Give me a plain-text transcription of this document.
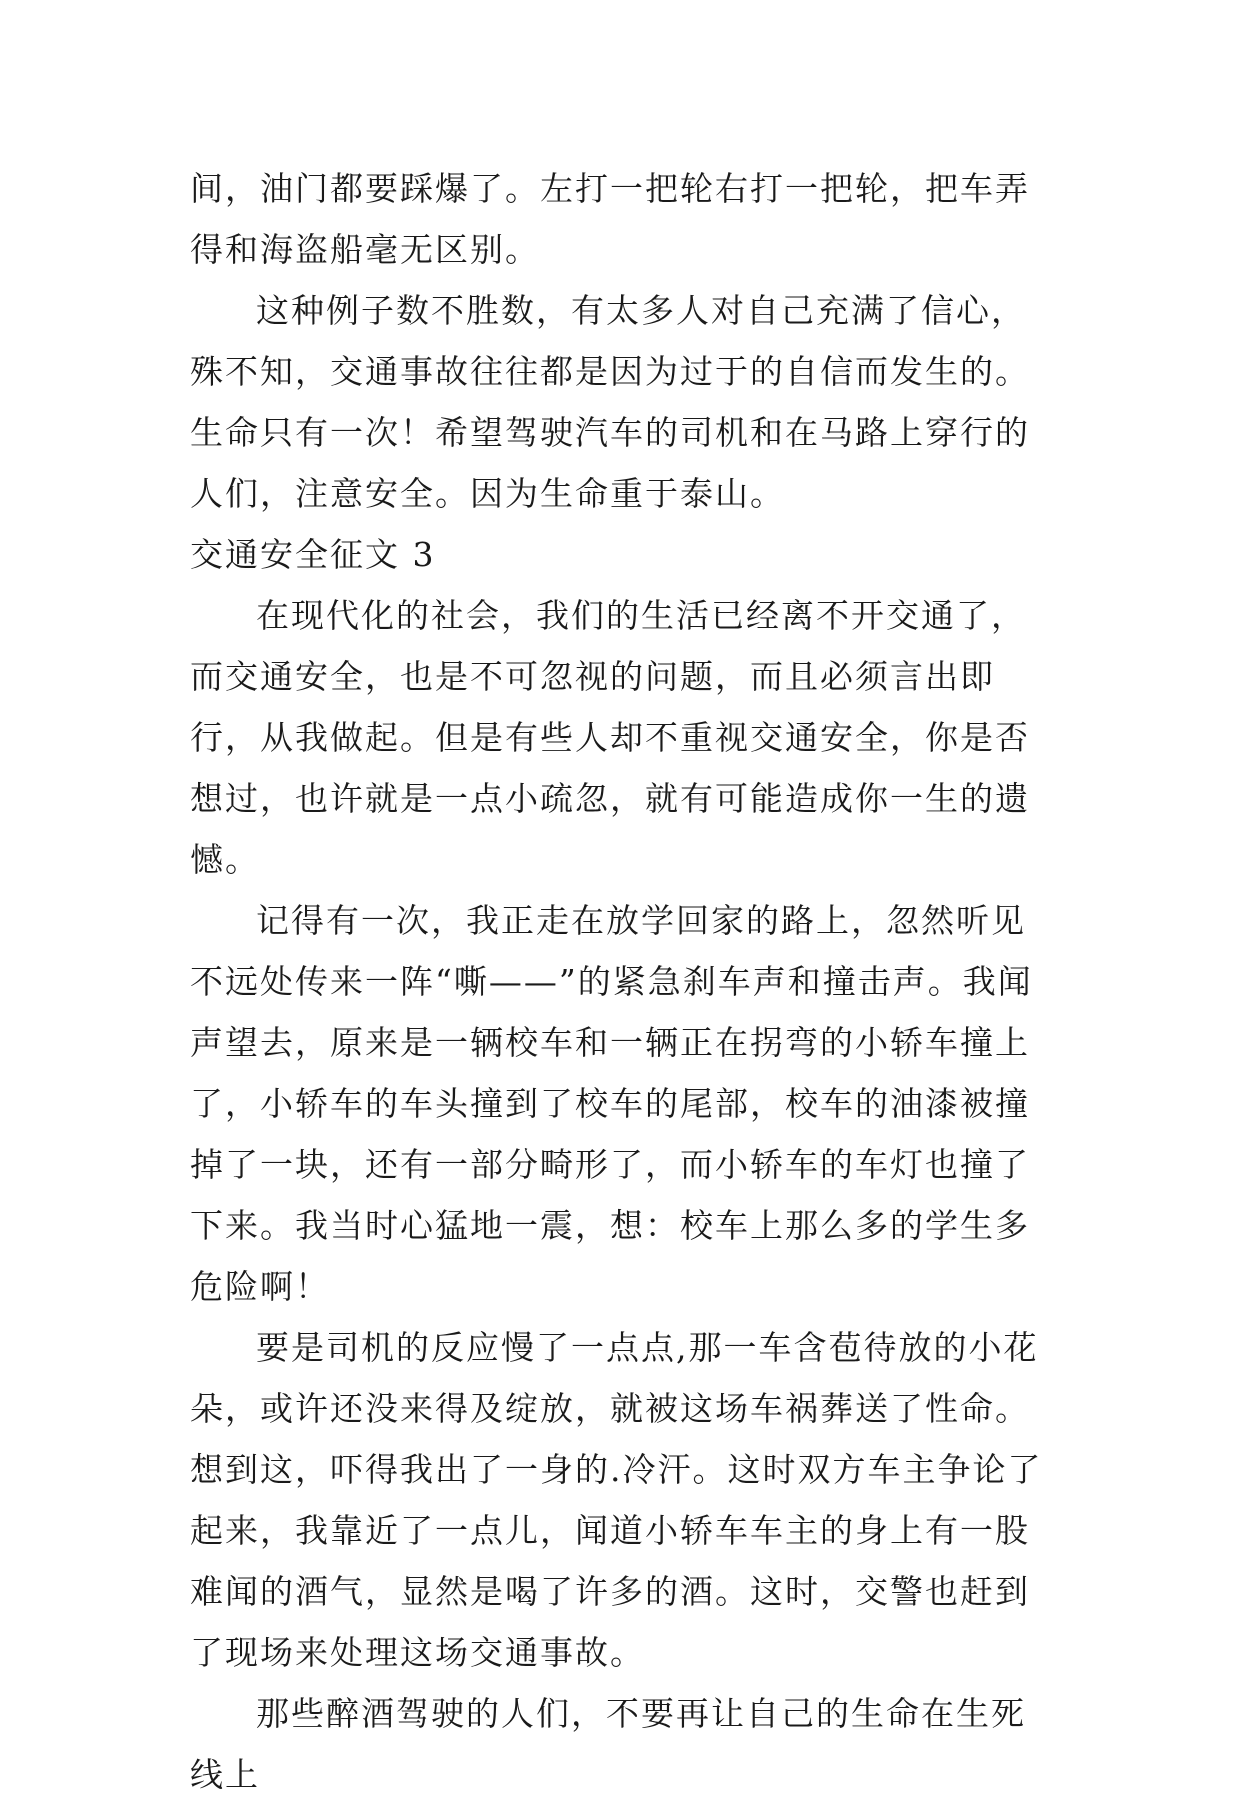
间，油门都要踩爆了。左打一把轮右打一把轮，把车弄得和海盗船毫无区别。

这种例子数不胜数，有太多人对自己充满了信心，殊不知，交通事故往往都是因为过于的自信而发生的。生命只有一次！希望驾驶汽车的司机和在马路上穿行的人们，注意安全。因为生命重于泰山。

交通安全征文 3

在现代化的社会，我们的生活已经离不开交通了，而交通安全，也是不可忽视的问题，而且必须言出即行，从我做起。但是有些人却不重视交通安全，你是否想过，也许就是一点小疏忽，就有可能造成你一生的遗憾。

记得有一次，我正走在放学回家的路上，忽然听见不远处传来一阵“嘶——”的紧急刹车声和撞击声。我闻声望去，原来是一辆校车和一辆正在拐弯的小轿车撞上了，小轿车的车头撞到了校车的尾部，校车的油漆被撞掉了一块，还有一部分畸形了，而小轿车的车灯也撞了下来。我当时心猛地一震，想：校车上那么多的学生多危险啊！

要是司机的反应慢了一点点,那一车含苞待放的小花朵，或许还没来得及绽放，就被这场车祸葬送了性命。想到这，吓得我出了一身的.冷汗。这时双方车主争论了起来，我靠近了一点儿，闻道小轿车车主的身上有一股难闻的酒气，显然是喝了许多的酒。这时，交警也赶到了现场来处理这场交通事故。

那些醉酒驾驶的人们，不要再让自己的生命在生死线上
